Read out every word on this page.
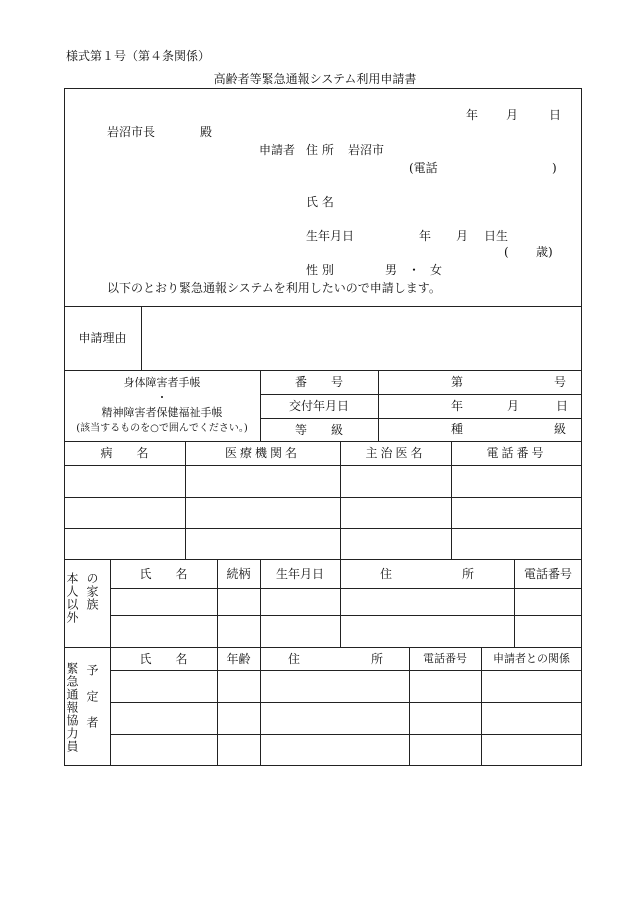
様式第１号（第４条関係）
高齢者等緊急通報システム利用申請書
年 月	日
岩沼市長	殿
申請者 住 所 岩沼市
(電話	)
氏 名
生年月日	年 月 日生
( 歳)
性 別	男 ・ 女
以下のとおり緊急通報システムを利用したいので申請します。
申請理由
身体障害者手帳
・
精神障害者保健福祉手帳
(該当するものを○で囲んでください。)
番　　号	第	号
交付年月日	年	月	日
等　　級	種	級
病　　名	医療機関名	主治医名	電話番号
本人以外 の家族	氏　　名	続柄	生年月日	住	所	電話番号
緊急通報協力員 予定者
氏　　名	年齢	住	所	電話番号	申請者との関係
